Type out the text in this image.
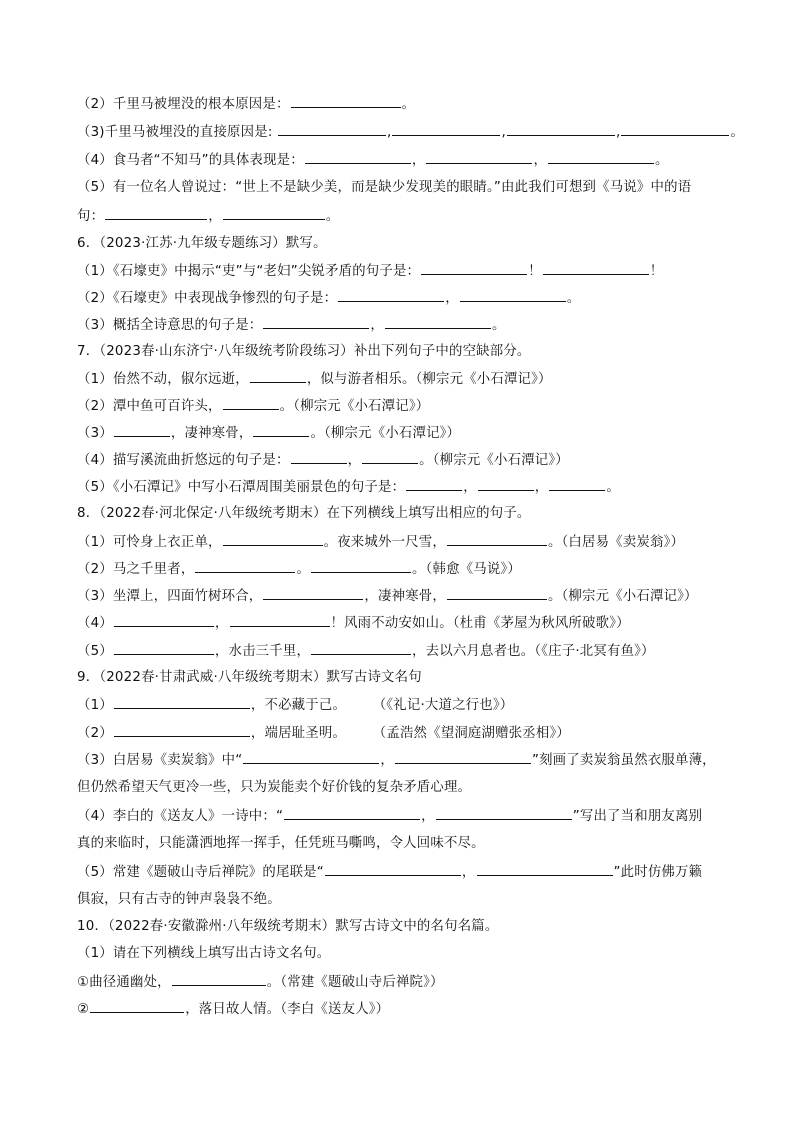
（2）千里马被埋没的根本原因是：	。
（3)千里马被埋没的直接原因是:	,	,	,	。
（4）食马者“不知马”的具体表现是：	，	，	。
（5）有一位名人曾说过：“世上不是缺少美，而是缺少发现美的眼睛。”由此我们可想到《马说》中的语
句：	，	。
6．（2023·江苏·九年级专题练习）默写。
（1）《石壕吏》中揭示“吏”与“老妇”尖锐矛盾的句子是：	！	！
（2）《石壕吏》中表现战争惨烈的句子是：	，	。
（3）概括全诗意思的句子是：	，	。
7．（2023春·山东济宁·八年级统考阶段练习）补出下列句子中的空缺部分。
（1）佁然不动，俶尔远逝，	，似与游者相乐。（柳宗元《小石潭记》）
（2）潭中鱼可百许头，	。（柳宗元《小石潭记》）
（3）	，凄神寒骨，	。（柳宗元《小石潭记》）
（4）描写溪流曲折悠远的句子是：	，	。（柳宗元《小石潭记》）
（5）《小石潭记》中写小石潭周围美丽景色的句子是：	，	，	。
8．（2022春·河北保定·八年级统考期末）在下列横线上填写出相应的句子。
（1）可怜身上衣正单，	。夜来城外一尺雪，	。（白居易《卖炭翁》）
（2）马之千里者，	。	。（韩愈《马说》）
（3）坐潭上，四面竹树环合，	，凄神寒骨，	。（柳宗元《小石潭记》）
（4）	，	！风雨不动安如山。（杜甫《茅屋为秋风所破歌》）
（5）	，水击三千里，	，去以六月息者也。（《庄子·北冥有鱼》）
9．（2022春·甘肃武威·八年级统考期末）默写古诗文名句
（1）	，不必藏于己。      （《礼记·大道之行也》）
（2）	，端居耻圣明。      （孟浩然《望洞庭湖赠张丞相》）
（3）白居易《卖炭翁》中“	，	”刻画了卖炭翁虽然衣服单薄，
但仍然希望天气更冷一些，只为炭能卖个好价钱的复杂矛盾心理。
（4）李白的《送友人》一诗中：“	，	”写出了当和朋友离别
真的来临时，只能潇洒地挥一挥手，任凭班马嘶鸣，令人回味不尽。
（5）常建《题破山寺后禅院》的尾联是“	，	”此时仿佛万籁
俱寂，只有古寺的钟声袅袅不绝。
10．（2022春·安徽滁州·八年级统考期末）默写古诗文中的名句名篇。
（1）请在下列横线上填写出古诗文名句。
①曲径通幽处，	。（常建《题破山寺后禅院》）
②	，落日故人情。（李白《送友人》）
